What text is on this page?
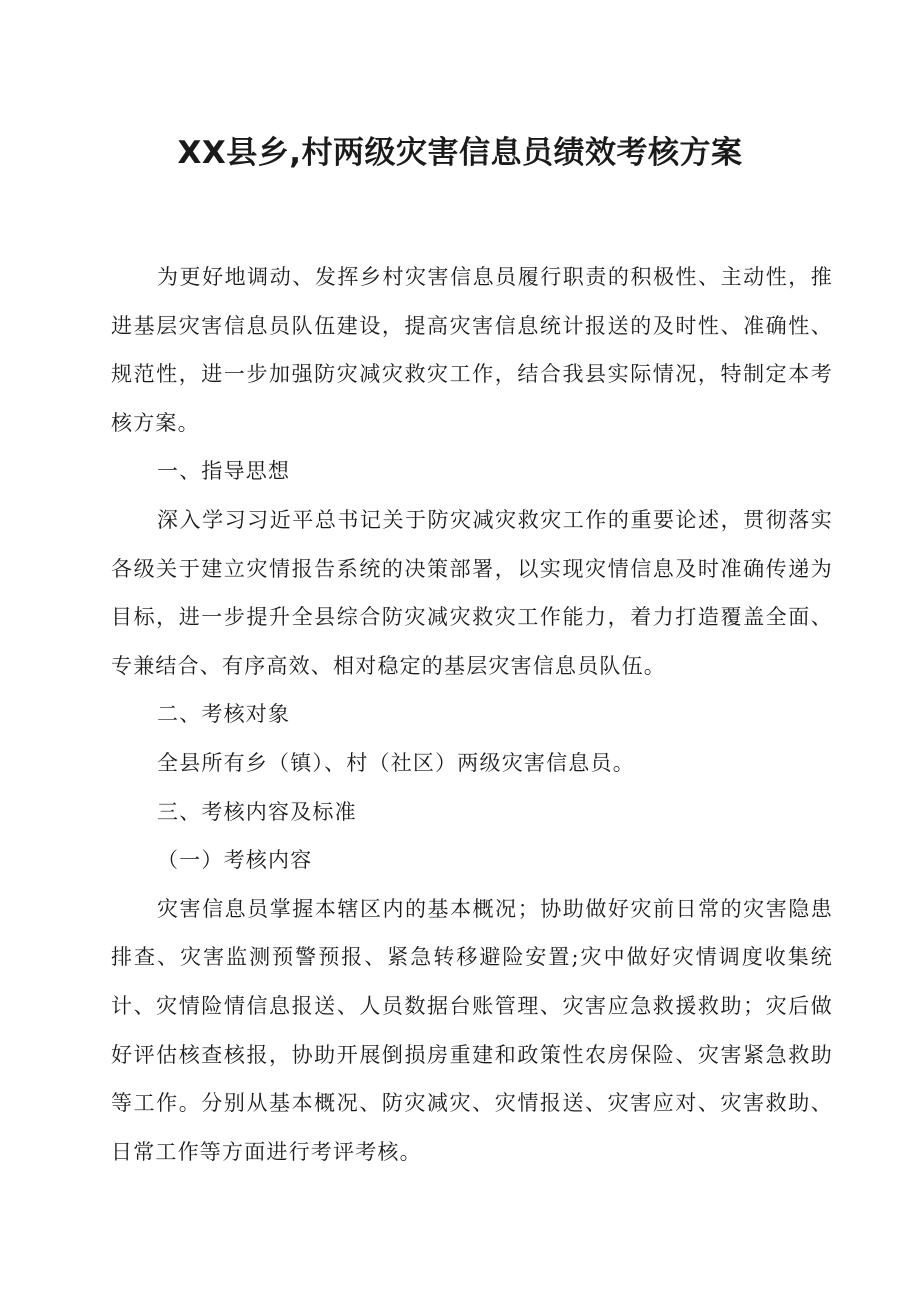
XX县乡,村两级灾害信息员绩效考核方案

为更好地调动、发挥乡村灾害信息员履行职责的积极性、主动性，推进基层灾害信息员队伍建设，提高灾害信息统计报送的及时性、准确性、规范性，进一步加强防灾减灾救灾工作，结合我县实际情况，特制定本考核方案。

一、指导思想

深入学习习近平总书记关于防灾减灾救灾工作的重要论述，贯彻落实各级关于建立灾情报告系统的决策部署，以实现灾情信息及时准确传递为目标，进一步提升全县综合防灾减灾救灾工作能力，着力打造覆盖全面、专兼结合、有序高效、相对稳定的基层灾害信息员队伍。

二、考核对象

全县所有乡（镇）、村（社区）两级灾害信息员。

三、考核内容及标准

（一）考核内容

灾害信息员掌握本辖区内的基本概况；协助做好灾前日常的灾害隐患排查、灾害监测预警预报、紧急转移避险安置;灾中做好灾情调度收集统计、灾情险情信息报送、人员数据台账管理、灾害应急救援救助；灾后做好评估核查核报，协助开展倒损房重建和政策性农房保险、灾害紧急救助等工作。分别从基本概况、防灾减灾、灾情报送、灾害应对、灾害救助、日常工作等方面进行考评考核。
